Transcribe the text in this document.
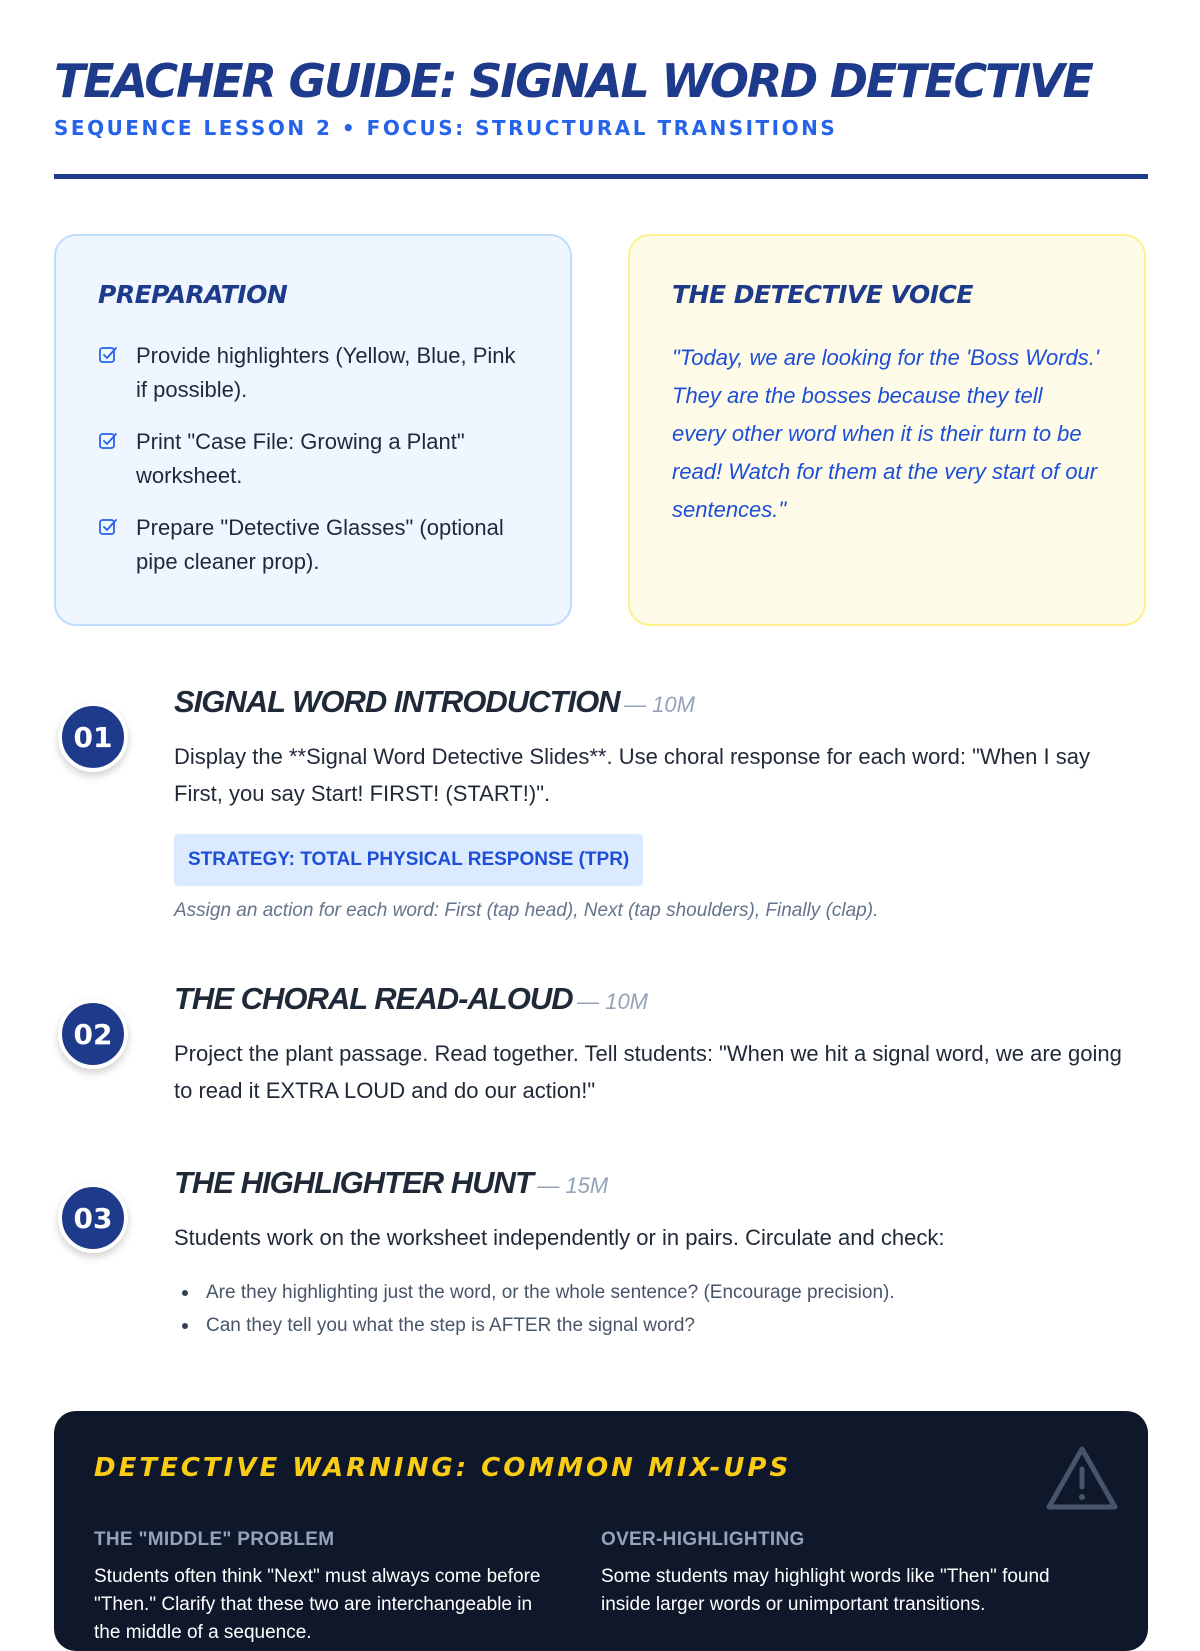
TEACHER GUIDE: SIGNAL WORD DETECTIVE
SEQUENCE LESSON 2 • FOCUS: STRUCTURAL TRANSITIONS
PREPARATION
Provide highlighters (Yellow, Blue, Pink if possible).
Print "Case File: Growing a Plant" worksheet.
Prepare "Detective Glasses" (optional pipe cleaner prop).
THE DETECTIVE VOICE

"Today, we are looking for the 'Boss Words.' They are the bosses because they tell every other word when it is their turn to be read! Watch for them at the very start of our sentences."

01
SIGNAL WORD INTRODUCTION — 10M

Display the **Signal Word Detective Slides**. Use choral response for each word: "When I say First, you say Start! FIRST! (START!)".

STRATEGY: TOTAL PHYSICAL RESPONSE (TPR)

Assign an action for each word: First (tap head), Next (tap shoulders), Finally (clap).

02
THE CHORAL READ-ALOUD — 10M

Project the plant passage. Read together. Tell students: "When we hit a signal word, we are going to read it EXTRA LOUD and do our action!"

03
THE HIGHLIGHTER HUNT — 15M

Students work on the worksheet independently or in pairs. Circulate and check:

Are they highlighting just the word, or the whole sentence? (Encourage precision).
Can they tell you what the step is AFTER the signal word?
DETECTIVE WARNING: COMMON MIX-UPS
THE "MIDDLE" PROBLEM

Students often think "Next" must always come before "Then." Clarify that these two are interchangeable in the middle of a sequence.

OVER-HIGHLIGHTING

Some students may highlight words like "Then" found inside larger words or unimportant transitions.
